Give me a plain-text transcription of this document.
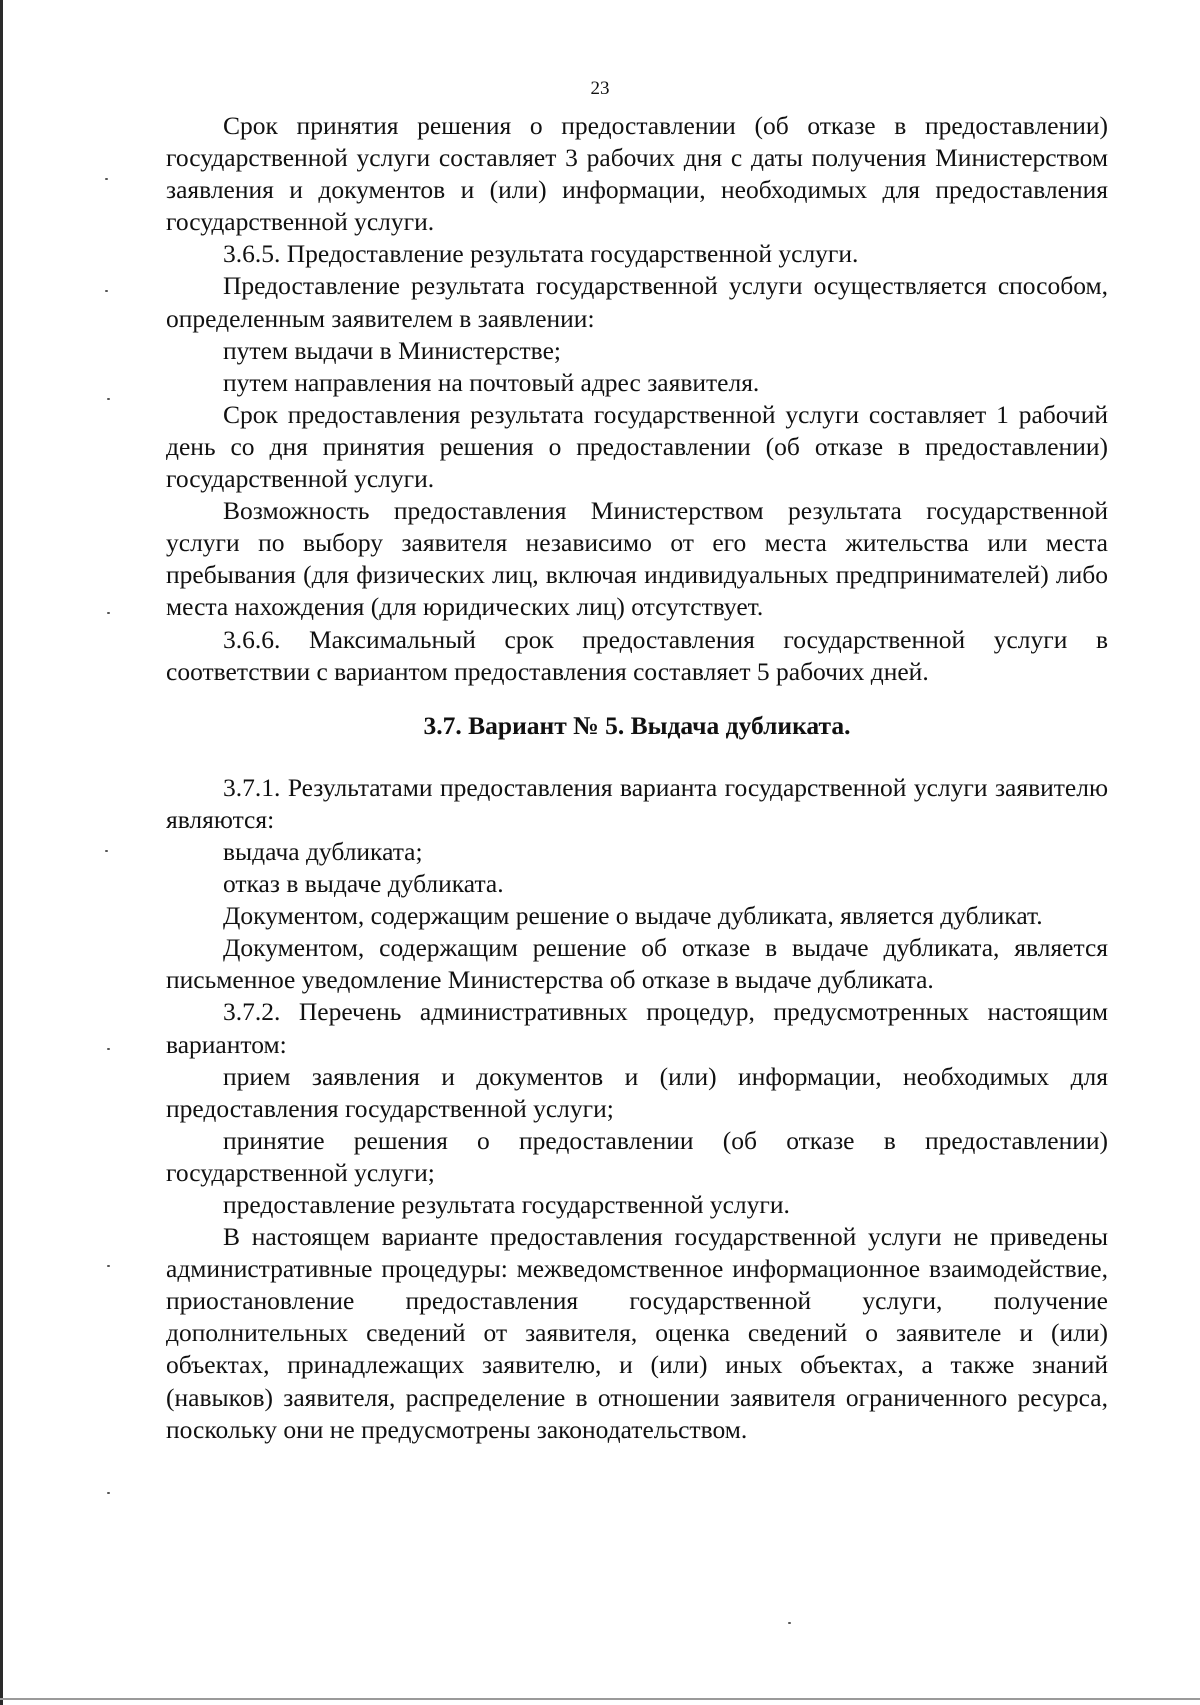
23

Срок принятия решения о предоставлении (об отказе в предоставлении) государственной услуги составляет 3 рабочих дня с даты получения Министерством заявления и документов и (или) информации, необходимых для предоставления государственной услуги.

3.6.5. Предоставление результата государственной услуги.

Предоставление результата государственной услуги осуществляется способом, определенным заявителем в заявлении:

путем выдачи в Министерстве;

путем направления на почтовый адрес заявителя.

Срок предоставления результата государственной услуги составляет 1 рабочий день со дня принятия решения о предоставлении (об отказе в предоставлении) государственной услуги.

Возможность предоставления Министерством результата государственной услуги по выбору заявителя независимо от его места жительства или места пребывания (для физических лиц, включая индивидуальных предпринимателей) либо места нахождения (для юридических лиц) отсутствует.

3.6.6. Максимальный срок предоставления государственной услуги в соответствии с вариантом предоставления составляет 5 рабочих дней.

3.7. Вариант № 5. Выдача дубликата.

3.7.1. Результатами предоставления варианта государственной услуги заявителю являются:

выдача дубликата;

отказ в выдаче дубликата.

Документом, содержащим решение о выдаче дубликата, является дубликат.

Документом, содержащим решение об отказе в выдаче дубликата, является письменное уведомление Министерства об отказе в выдаче дубликата.

3.7.2. Перечень административных процедур, предусмотренных настоящим вариантом:

прием заявления и документов и (или) информации, необходимых для предоставления государственной услуги;

принятие решения о предоставлении (об отказе в предоставлении) государственной услуги;

предоставление результата государственной услуги.

В настоящем варианте предоставления государственной услуги не приведены административные процедуры: межведомственное информационное взаимодействие, приостановление предоставления государственной услуги, получение дополнительных сведений от заявителя, оценка сведений о заявителе и (или) объектах, принадлежащих заявителю, и (или) иных объектах, а также знаний (навыков) заявителя, распределение в отношении заявителя ограниченного ресурса, поскольку они не предусмотрены законодательством.
